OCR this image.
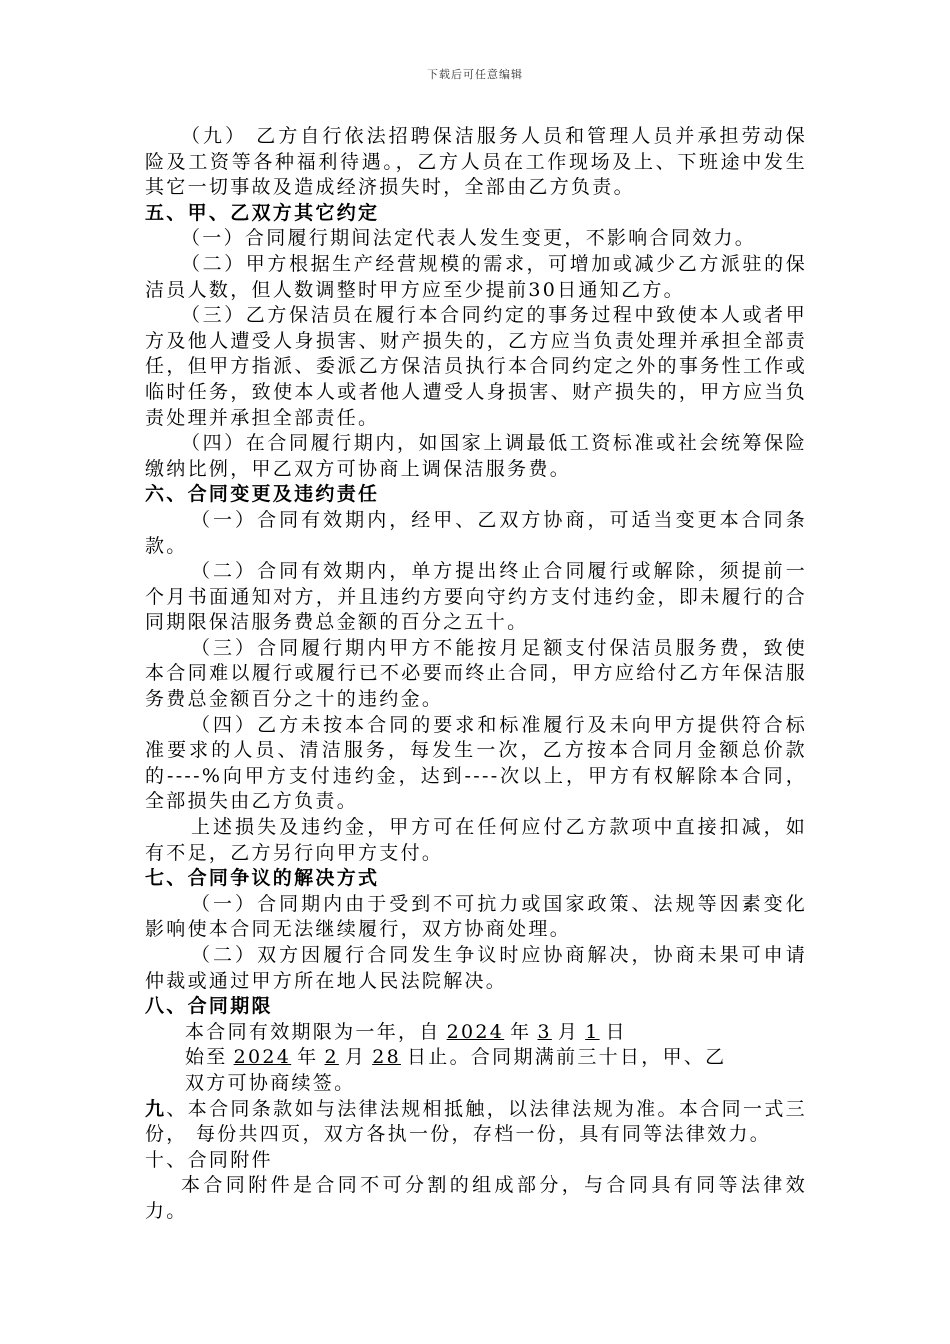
下载后可任意编辑

（九） 乙方自行依法招聘保洁服务人员和管理人员并承担劳动保险及工资等各种福利待遇。，乙方人员在工作现场及上、下班途中发生其它一切事故及造成经济损失时，全部由乙方负责。

五、甲、乙双方其它约定

（一）合同履行期间法定代表人发生变更，不影响合同效力。

（二）甲方根据生产经营规模的需求，可增加或减少乙方派驻的保洁员人数，但人数调整时甲方应至少提前30日通知乙方。

（三）乙方保洁员在履行本合同约定的事务过程中致使本人或者甲方及他人遭受人身损害、财产损失的，乙方应当负责处理并承担全部责任，但甲方指派、委派乙方保洁员执行本合同约定之外的事务性工作或临时任务，致使本人或者他人遭受人身损害、财产损失的，甲方应当负责处理并承担全部责任。

（四）在合同履行期内，如国家上调最低工资标准或社会统筹保险缴纳比例，甲乙双方可协商上调保洁服务费。

六、合同变更及违约责任

（一）合同有效期内，经甲、乙双方协商，可适当变更本合同条款。

（二）合同有效期内，单方提出终止合同履行或解除，须提前一个月书面通知对方，并且违约方要向守约方支付违约金，即未履行的合同期限保洁服务费总金额的百分之五十。

（三）合同履行期内甲方不能按月足额支付保洁员服务费，致使本合同难以履行或履行已不必要而终止合同，甲方应给付乙方年保洁服务费总金额百分之十的违约金。

（四）乙方未按本合同的要求和标准履行及未向甲方提供符合标准要求的人员、清洁服务，每发生一次，乙方按本合同月金额总价款的----%向甲方支付违约金，达到----次以上，甲方有权解除本合同，全部损失由乙方负责。

上述损失及违约金，甲方可在任何应付乙方款项中直接扣减，如有不足，乙方另行向甲方支付。

七、合同争议的解决方式

（一）合同期内由于受到不可抗力或国家政策、法规等因素变化影响使本合同无法继续履行，双方协商处理。

（二）双方因履行合同发生争议时应协商解决，协商未果可申请仲裁或通过甲方所在地人民法院解决。

八、合同期限

本合同有效期限为一年，自 2024 年 3 月 1 日

始至 2024 年 2 月 28 日止。合同期满前三十日，甲、乙

双方可协商续签。

九、本合同条款如与法律法规相抵触，以法律法规为准。本合同一式三份， 每份共四页，双方各执一份，存档一份，具有同等法律效力。

十、合同附件

本合同附件是合同不可分割的组成部分，与合同具有同等法律效力。
